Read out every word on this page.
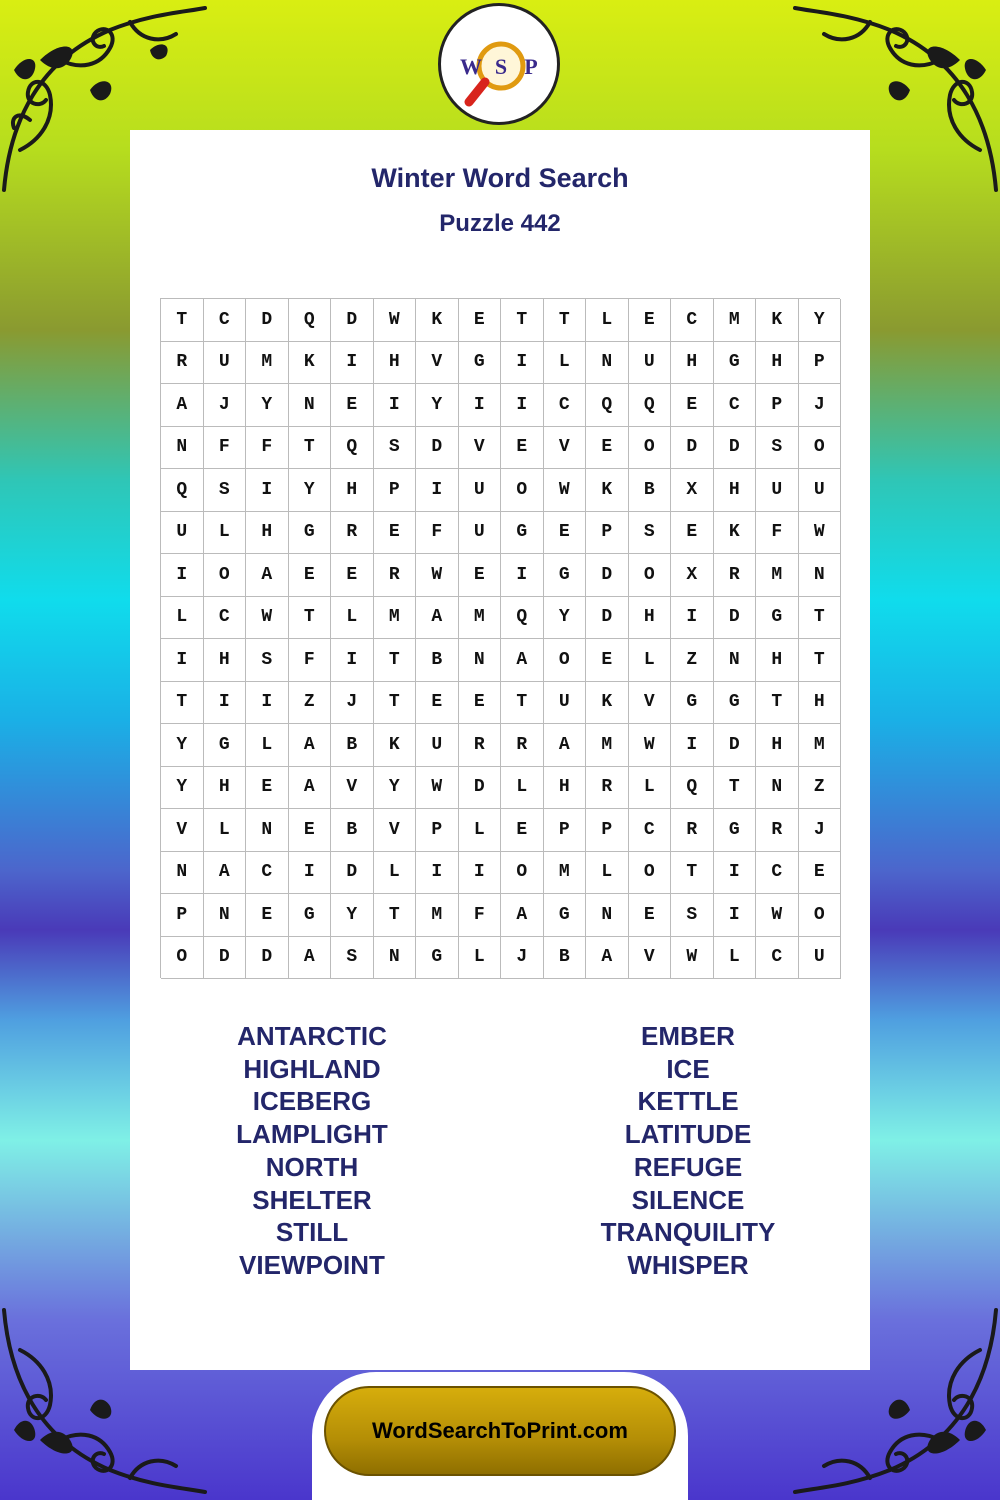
W S P
Winter Word Search
Puzzle 442
T	C	D	Q	D	W	K	E	T	T	L	E	C	M	K	Y
R	U	M	K	I	H	V	G	I	L	N	U	H	G	H	P
A	J	Y	N	E	I	Y	I	I	C	Q	Q	E	C	P	J
N	F	F	T	Q	S	D	V	E	V	E	O	D	D	S	O
Q	S	I	Y	H	P	I	U	O	W	K	B	X	H	U	U
U	L	H	G	R	E	F	U	G	E	P	S	E	K	F	W
I	O	A	E	E	R	W	E	I	G	D	O	X	R	M	N
L	C	W	T	L	M	A	M	Q	Y	D	H	I	D	G	T
I	H	S	F	I	T	B	N	A	O	E	L	Z	N	H	T
T	I	I	Z	J	T	E	E	T	U	K	V	G	G	T	H
Y	G	L	A	B	K	U	R	R	A	M	W	I	D	H	M
Y	H	E	A	V	Y	W	D	L	H	R	L	Q	T	N	Z
V	L	N	E	B	V	P	L	E	P	P	C	R	G	R	J
N	A	C	I	D	L	I	I	O	M	L	O	T	I	C	E
P	N	E	G	Y	T	M	F	A	G	N	E	S	I	W	O
O	D	D	A	S	N	G	L	J	B	A	V	W	L	C	U
ANTARCTIC
HIGHLAND
ICEBERG
LAMPLIGHT
NORTH
SHELTER
STILL
VIEWPOINT
EMBER
ICE
KETTLE
LATITUDE
REFUGE
SILENCE
TRANQUILITY
WHISPER
WordSearchToPrint.com
